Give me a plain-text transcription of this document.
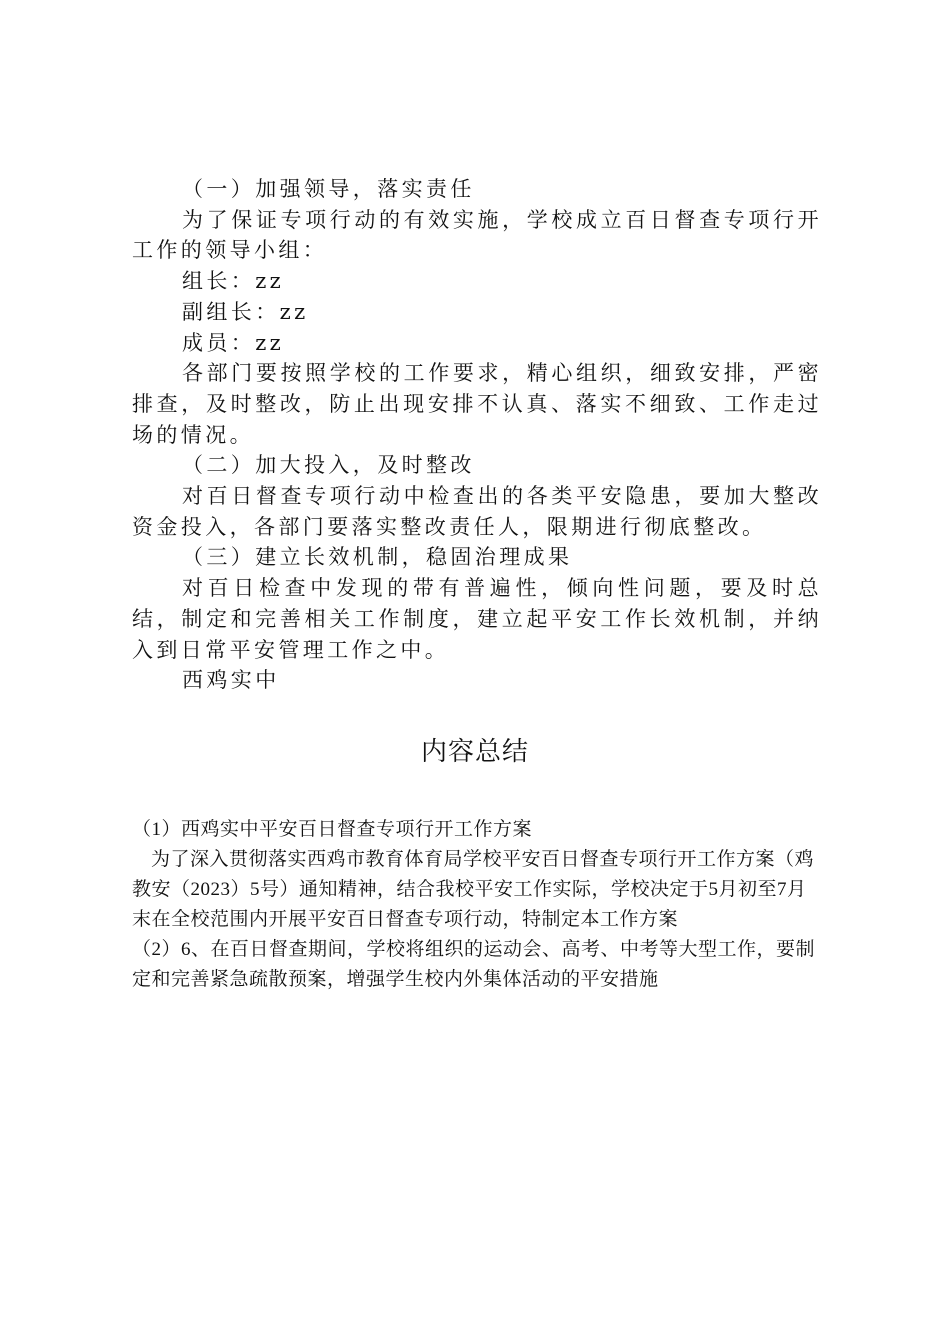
（一）加强领导，落实责任

为了保证专项行动的有效实施，学校成立百日督查专项行开工作的领导小组：

组长：zz

副组长：zz

成员：zz

各部门要按照学校的工作要求，精心组织，细致安排，严密排查，及时整改，防止出现安排不认真、落实不细致、工作走过场的情况。

（二）加大投入，及时整改

对百日督查专项行动中检查出的各类平安隐患，要加大整改资金投入，各部门要落实整改责任人，限期进行彻底整改。

（三）建立长效机制，稳固治理成果

对百日检查中发现的带有普遍性，倾向性问题，要及时总结，制定和完善相关工作制度，建立起平安工作长效机制，并纳入到日常平安管理工作之中。

西鸡实中

内容总结

（1）西鸡实中平安百日督查专项行开工作方案

为了深入贯彻落实西鸡市教育体育局学校平安百日督查专项行开工作方案（鸡教安（2023）5号）通知精神，结合我校平安工作实际，学校决定于5月初至7月末在全校范围内开展平安百日督查专项行动，特制定本工作方案

（2）6、在百日督查期间，学校将组织的运动会、高考、中考等大型工作，要制定和完善紧急疏散预案，增强学生校内外集体活动的平安措施
